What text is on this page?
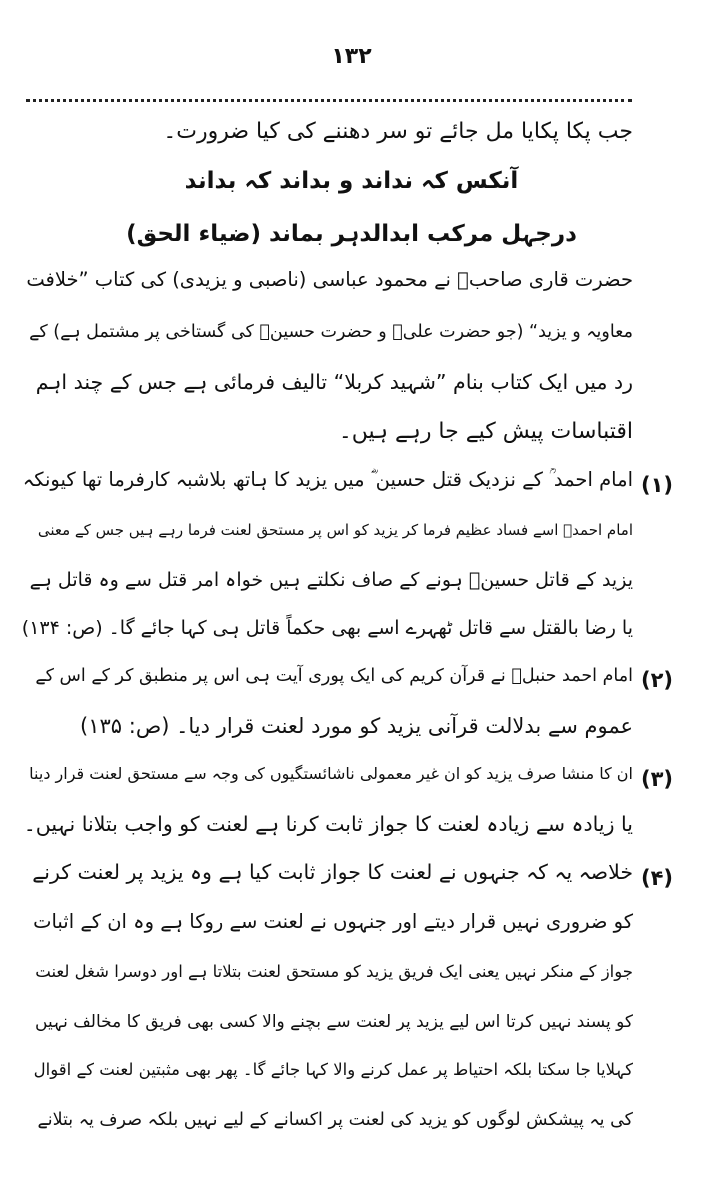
۱۳۲
جب پکا پکایا مل جائے تو سر دھننے کی کیا ضرورت۔
آنکس کہ نداند و بداند کہ بداند
درجہل مرکب ابدالدہر بماند (ضیاء الحق)
حضرت قاری صاحبؒ نے محمود عباسی (ناصبی و یزیدی) کی کتاب ”خلافت
معاویہ و یزید“ (جو حضرت علیؓ و حضرت حسینؓ کی گستاخی پر مشتمل ہے) کے
رد میں ایک کتاب بنام ”شہید کربلا“ تالیف فرمائی ہے جس کے چند اہم
اقتباسات پیش کیے جا رہے ہیں۔
(۱)
امام احمد ؒ کے نزدیک قتل حسین ؓ میں یزید کا ہاتھ بلاشبہ کارفرما تھا کیونکہ
امام احمدؒ اسے فساد عظیم فرما کر یزید کو اس پر مستحق لعنت فرما رہے ہیں جس کے معنی
یزید کے قاتل حسینؓ ہونے کے صاف نکلتے ہیں خواہ امر قتل سے وہ قاتل ہے
یا رضا بالقتل سے قاتل ٹھہرے اسے بھی حکماً قاتل ہی کہا جائے گا۔ (ص: ۱۳۴)
(۲)
امام احمد حنبلؒ نے قرآن کریم کی ایک پوری آیت ہی اس پر منطبق کر کے اس کے
عموم سے بدلالت قرآنی یزید کو مورد لعنت قرار دیا۔ (ص: ۱۳۵)
(۳)
ان کا منشا صرف یزید کو ان غیر معمولی ناشائستگیوں کی وجہ سے مستحق لعنت قرار دینا
یا زیادہ سے زیادہ لعنت کا جواز ثابت کرنا ہے لعنت کو واجب بتلانا نہیں۔
(۴)
خلاصہ یہ کہ جنہوں نے لعنت کا جواز ثابت کیا ہے وہ یزید پر لعنت کرنے
کو ضروری نہیں قرار دیتے اور جنہوں نے لعنت سے روکا ہے وہ ان کے اثبات
جواز کے منکر نہیں یعنی ایک فریق یزید کو مستحق لعنت بتلاتا ہے اور دوسرا شغل لعنت
کو پسند نہیں کرتا اس لیے یزید پر لعنت سے بچنے والا کسی بھی فریق کا مخالف نہیں
کہلایا جا سکتا بلکہ احتیاط پر عمل کرنے والا کہا جائے گا۔ پھر بھی مثبتین لعنت کے اقوال
کی یہ پیشکش لوگوں کو یزید کی لعنت پر اکسانے کے لیے نہیں بلکہ صرف یہ بتلانے
